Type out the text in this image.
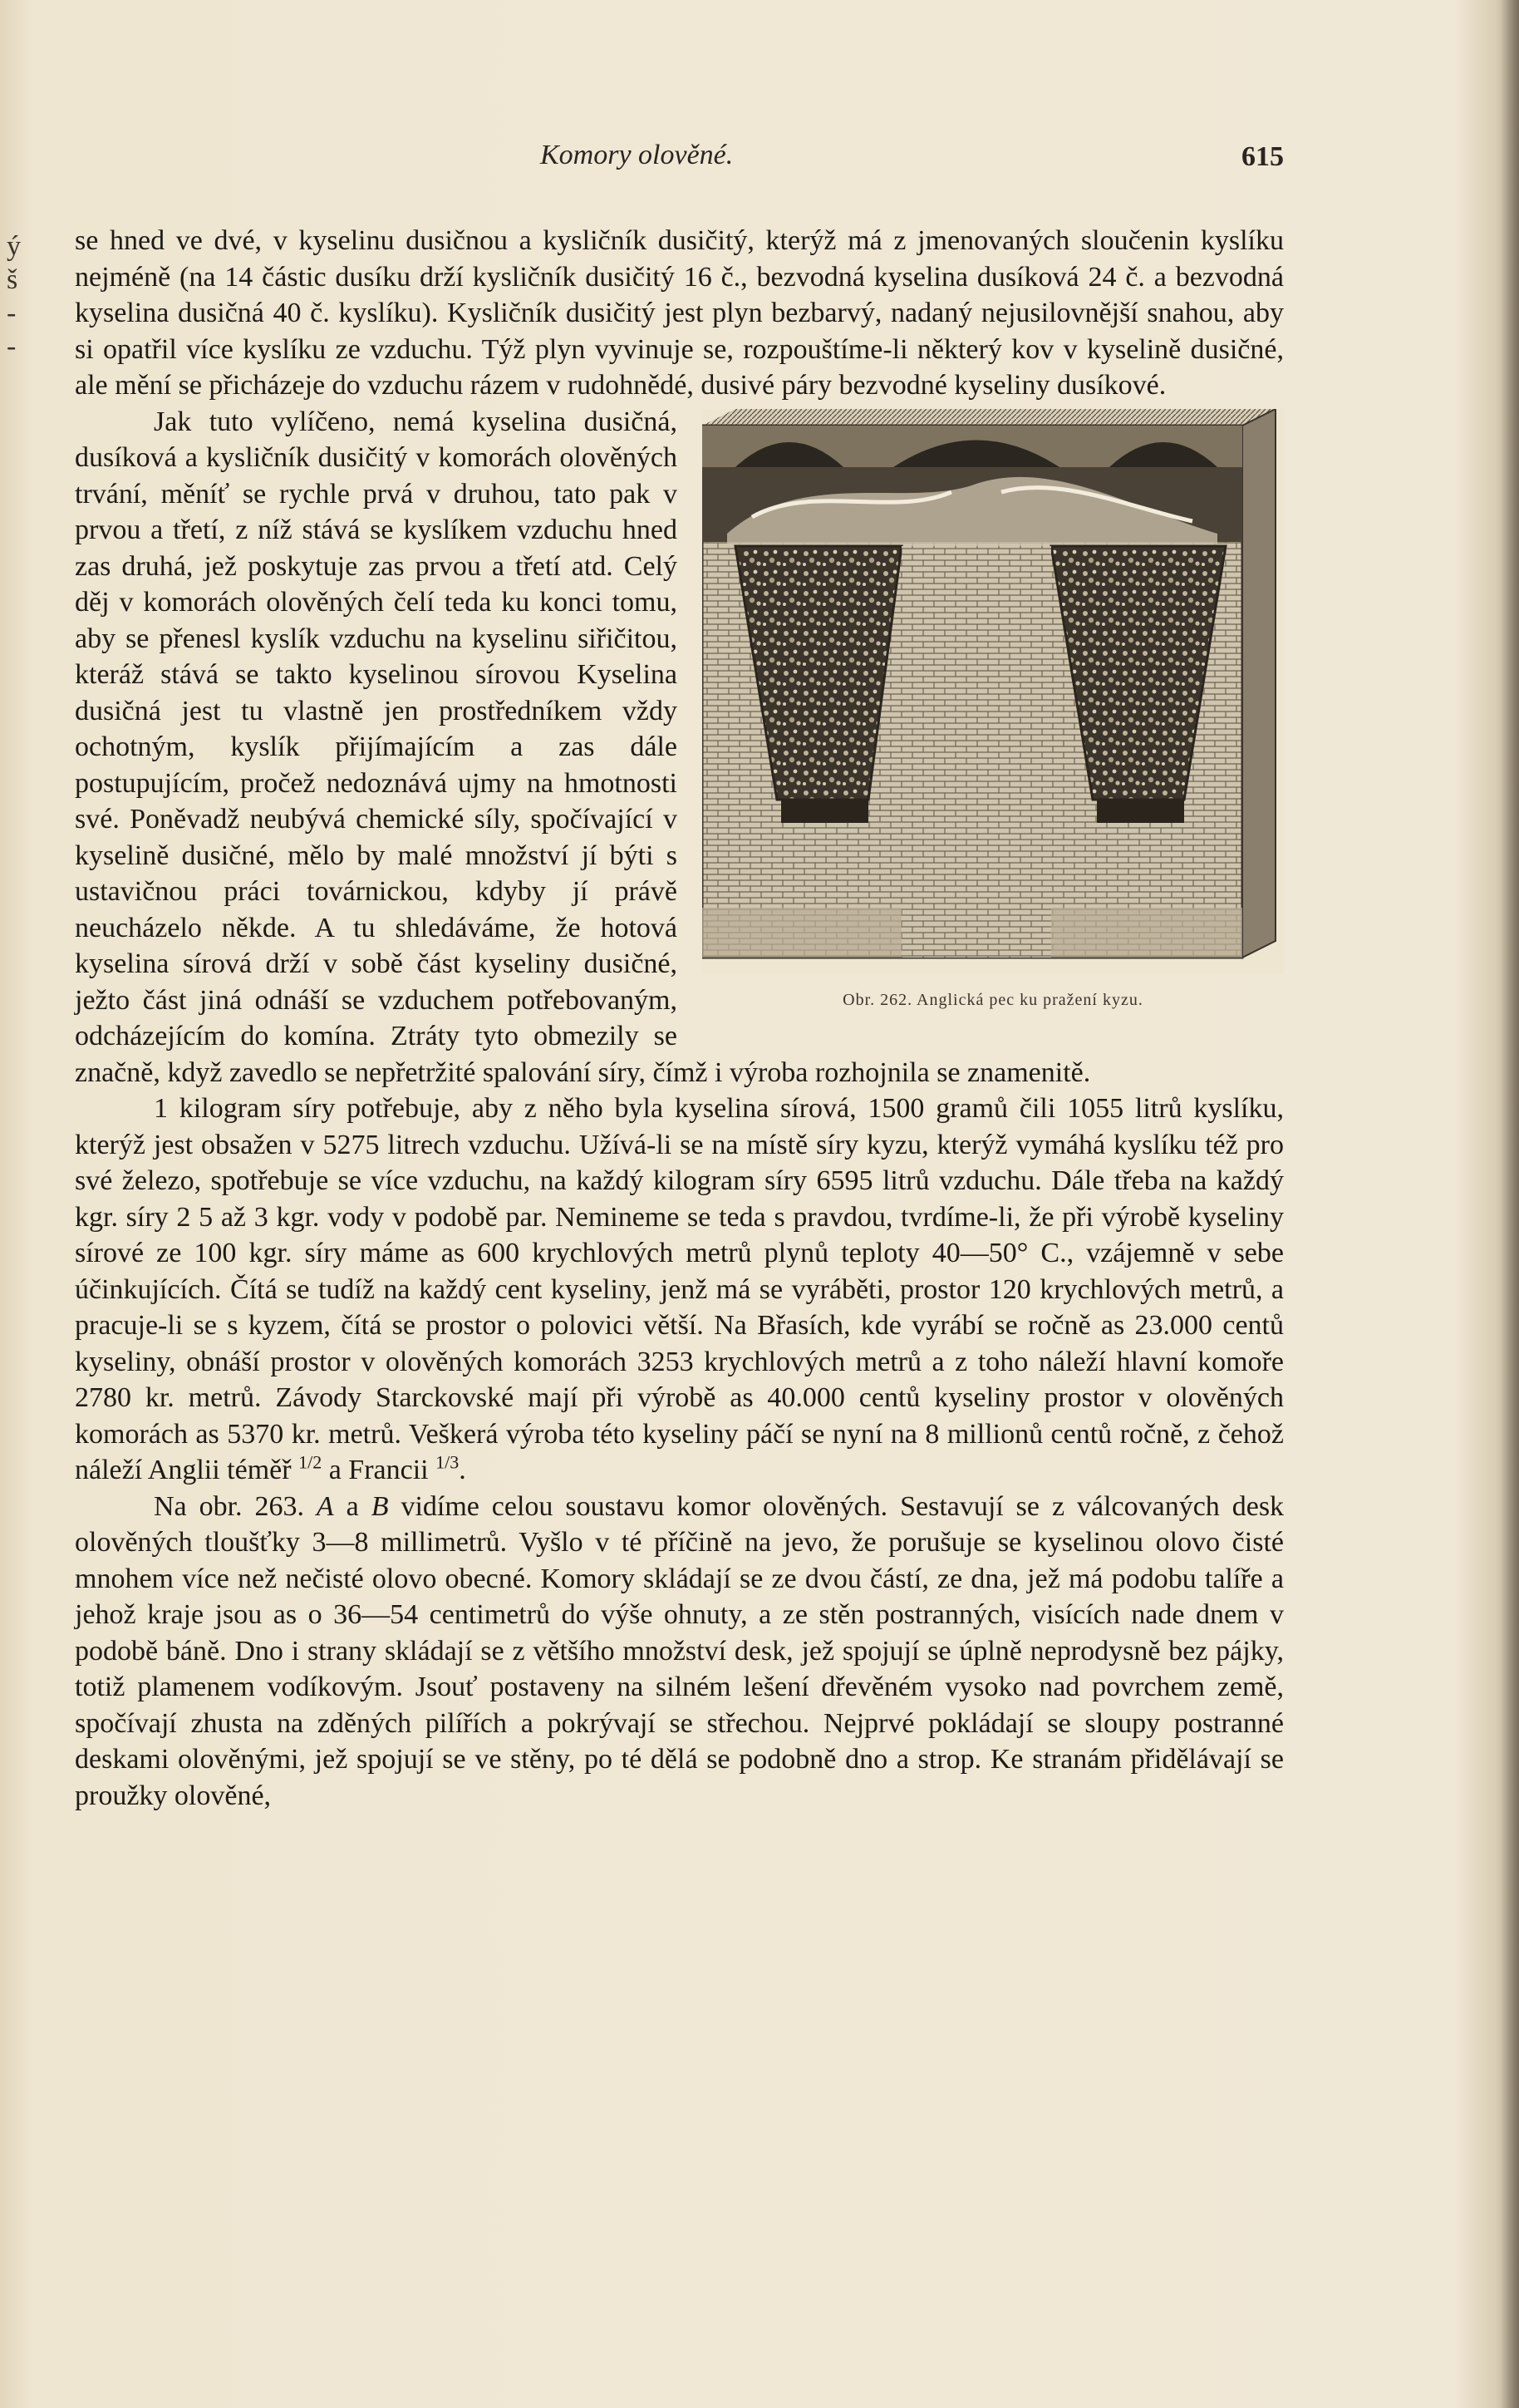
ý
š
-
-
Komory olověné.	615

se hned ve dvé, v kyselinu dusičnou a kysličník dusičitý, kterýž má z jmenovaných sloučenin kyslíku nejméně (na 14 částic dusíku drží kysličník dusičitý 16 č., bezvodná kyselina dusíková 24 č. a bezvodná kyselina dusičná 40 č. kyslíku). Kysličník dusičitý jest plyn bezbarvý, nadaný nejusilovnější snahou, aby si opatřil více kyslíku ze vzduchu. Týž plyn vyvinuje se, rozpouštíme-li některý kov v kyselině dusičné, ale mění se přicházeje do vzduchu rázem v rudohnědé, dusivé páry bezvodné kyseliny dusíkové.

Obr. 262. Anglická pec ku pražení kyzu.

Jak tuto vylíčeno, nemá kyselina dusičná, dusíková a kysličník dusičitý v komorách olověných trvání, měníť se rychle prvá v druhou, tato pak v prvou a třetí, z níž stává se kyslíkem vzduchu hned zas druhá, jež poskytuje zas prvou a třetí atd. Celý děj v komorách olověných čelí teda ku konci tomu, aby se přenesl kyslík vzduchu na kyselinu siřičitou, kteráž stává se takto kyselinou sírovou Kyselina dusičná jest tu vlastně jen prostředníkem vždy ochotným, kyslík přijímajícím a zas dále postupujícím, pročež nedoznává ujmy na hmotnosti své. Poněvadž neubývá chemické síly, spočívající v kyselině dusičné, mělo by malé množství jí býti s ustavičnou práci továrnickou, kdyby jí právě neucházelo někde. A tu shledáváme, že hotová kyselina sírová drží v sobě část kyseliny dusičné, ježto část jiná odnáší se vzduchem potřebovaným, odcházejícím do komína. Ztráty tyto obmezily se značně, když zavedlo se nepřetržité spalování síry, čímž i výroba rozhojnila se znamenitě.

1 kilogram síry potřebuje, aby z něho byla kyselina sírová, 1500 gramů čili 1055 litrů kyslíku, kterýž jest obsažen v 5275 litrech vzduchu. Užívá-li se na místě síry kyzu, kterýž vymáhá kyslíku též pro své železo, spotřebuje se více vzduchu, na každý kilogram síry 6595 litrů vzduchu. Dále třeba na každý kgr. síry 2 5 až 3 kgr. vody v podobě par. Nemineme se teda s pravdou, tvrdíme-li, že při výrobě kyseliny sírové ze 100 kgr. síry máme as 600 krychlových metrů plynů teploty 40—50° C., vzájemně v sebe účinkujících. Čítá se tudíž na každý cent kyseliny, jenž má se vyráběti, prostor 120 krychlových metrů, a pracuje-li se s kyzem, čítá se prostor o polovici větší. Na Břasích, kde vyrábí se ročně as 23.000 centů kyseliny, obnáší prostor v olověných komorách 3253 krychlových metrů a z toho náleží hlavní komoře 2780 kr. metrů. Závody Starckovské mají při výrobě as 40.000 centů kyseliny prostor v olověných komorách as 5370 kr. metrů. Veškerá výroba této kyseliny páčí se nyní na 8 millionů centů ročně, z čehož náleží Anglii téměř $^{1/2}$ a Francii $^{1/3}$.

Na obr. 263. A a B vidíme celou soustavu komor olověných. Sestavují se z válcovaných desk olověných tloušťky 3—8 millimetrů. Vyšlo v té příčině na jevo, že porušuje se kyselinou olovo čisté mnohem více než nečisté olovo obecné. Komory skládají se ze dvou částí, ze dna, jež má podobu talíře a jehož kraje jsou as o 36—54 centimetrů do výše ohnuty, a ze stěn postranných, visících nade dnem v podobě báně. Dno i strany skládají se z většího množství desk, jež spojují se úplně neprodysně bez pájky, totiž plamenem vodíkovým. Jsouť postaveny na silném lešení dřevěném vysoko nad povrchem země, spočívají zhusta na zděných pilířích a pokrývají se střechou. Nejprvé pokládají se sloupy postranné deskami olověnými, jež spojují se ve stěny, po té dělá se podobně dno a strop. Ke stranám přidělávají se proužky olověné,
